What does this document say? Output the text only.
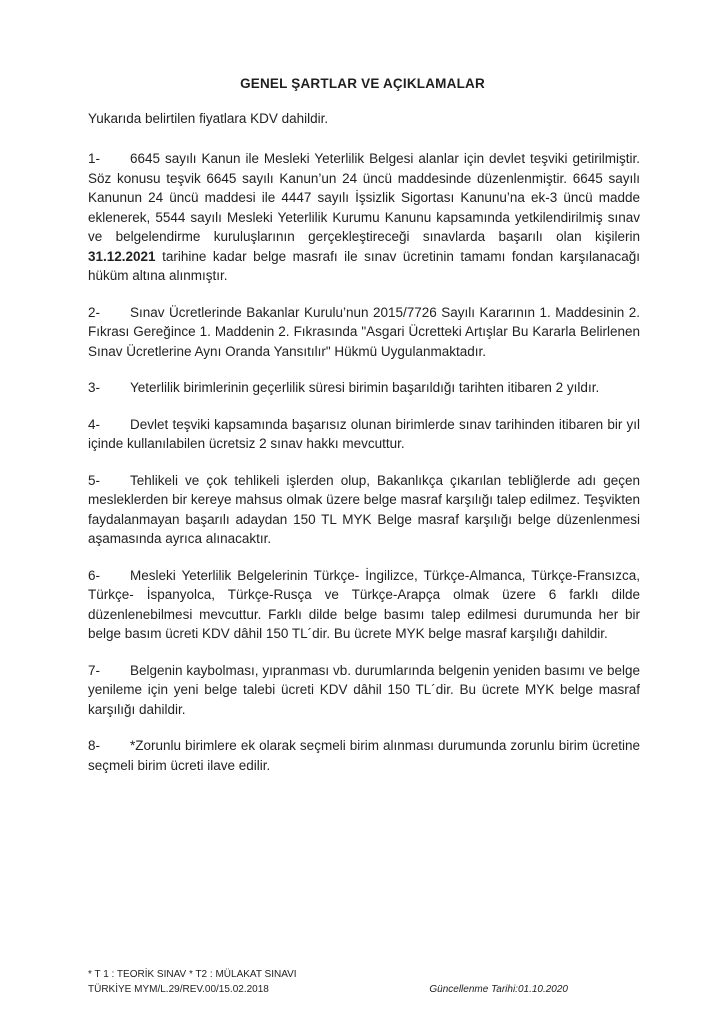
GENEL ŞARTLAR VE AÇIKLAMALAR
Yukarıda belirtilen fiyatlara KDV dahildir.

1- 6645 sayılı Kanun ile Mesleki Yeterlilik Belgesi alanlar için devlet teşviki getirilmiştir. Söz konusu teşvik 6645 sayılı Kanun’un 24 üncü maddesinde düzenlenmiştir. 6645 sayılı Kanunun 24 üncü maddesi ile 4447 sayılı İşsizlik Sigortası Kanunu’na ek-3 üncü madde eklenerek, 5544 sayılı Mesleki Yeterlilik Kurumu Kanunu kapsamında yetkilendirilmiş sınav ve belgelendirme kuruluşlarının gerçekleştireceği sınavlarda başarılı olan kişilerin 31.12.2021 tarihine kadar belge masrafı ile sınav ücretinin tamamı fondan karşılanacağı hüküm altına alınmıştır.

2- Sınav Ücretlerinde Bakanlar Kurulu’nun 2015/7726 Sayılı Kararının 1. Maddesinin 2. Fıkrası Gereğince 1. Maddenin 2. Fıkrasında "Asgari Ücretteki Artışlar Bu Kararla Belirlenen Sınav Ücretlerine Aynı Oranda Yansıtılır" Hükmü Uygulanmaktadır.

3- Yeterlilik birimlerinin geçerlilik süresi birimin başarıldığı tarihten itibaren 2 yıldır.

4- Devlet teşviki kapsamında başarısız olunan birimlerde sınav tarihinden itibaren bir yıl içinde kullanılabilen ücretsiz 2 sınav hakkı mevcuttur.

5- Tehlikeli ve çok tehlikeli işlerden olup, Bakanlıkça çıkarılan tebliğlerde adı geçen mesleklerden bir kereye mahsus olmak üzere belge masraf karşılığı talep edilmez. Teşvikten faydalanmayan başarılı adaydan 150 TL MYK Belge masraf karşılığı belge düzenlenmesi aşamasında ayrıca alınacaktır.

6- Mesleki Yeterlilik Belgelerinin Türkçe- İngilizce, Türkçe-Almanca, Türkçe-Fransızca, Türkçe- İspanyolca, Türkçe-Rusça ve Türkçe-Arapça olmak üzere 6 farklı dilde düzenlenebilmesi mevcuttur. Farklı dilde belge basımı talep edilmesi durumunda her bir belge basım ücreti KDV dâhil 150 TL´dir. Bu ücrete MYK belge masraf karşılığı dahildir.

7- Belgenin kaybolması, yıpranması vb. durumlarında belgenin yeniden basımı ve belge yenileme için yeni belge talebi ücreti KDV dâhil 150 TL´dir. Bu ücrete MYK belge masraf karşılığı dahildir.

8- *Zorunlu birimlere ek olarak seçmeli birim alınması durumunda zorunlu birim ücretine seçmeli birim ücreti ilave edilir.

* T 1 : TEORİK SINAV * T2 : MÜLAKAT SINAVI
TÜRKİYE MYM/L.29/REV.00/15.02.2018	Güncellenme Tarihi:01.10.2020
